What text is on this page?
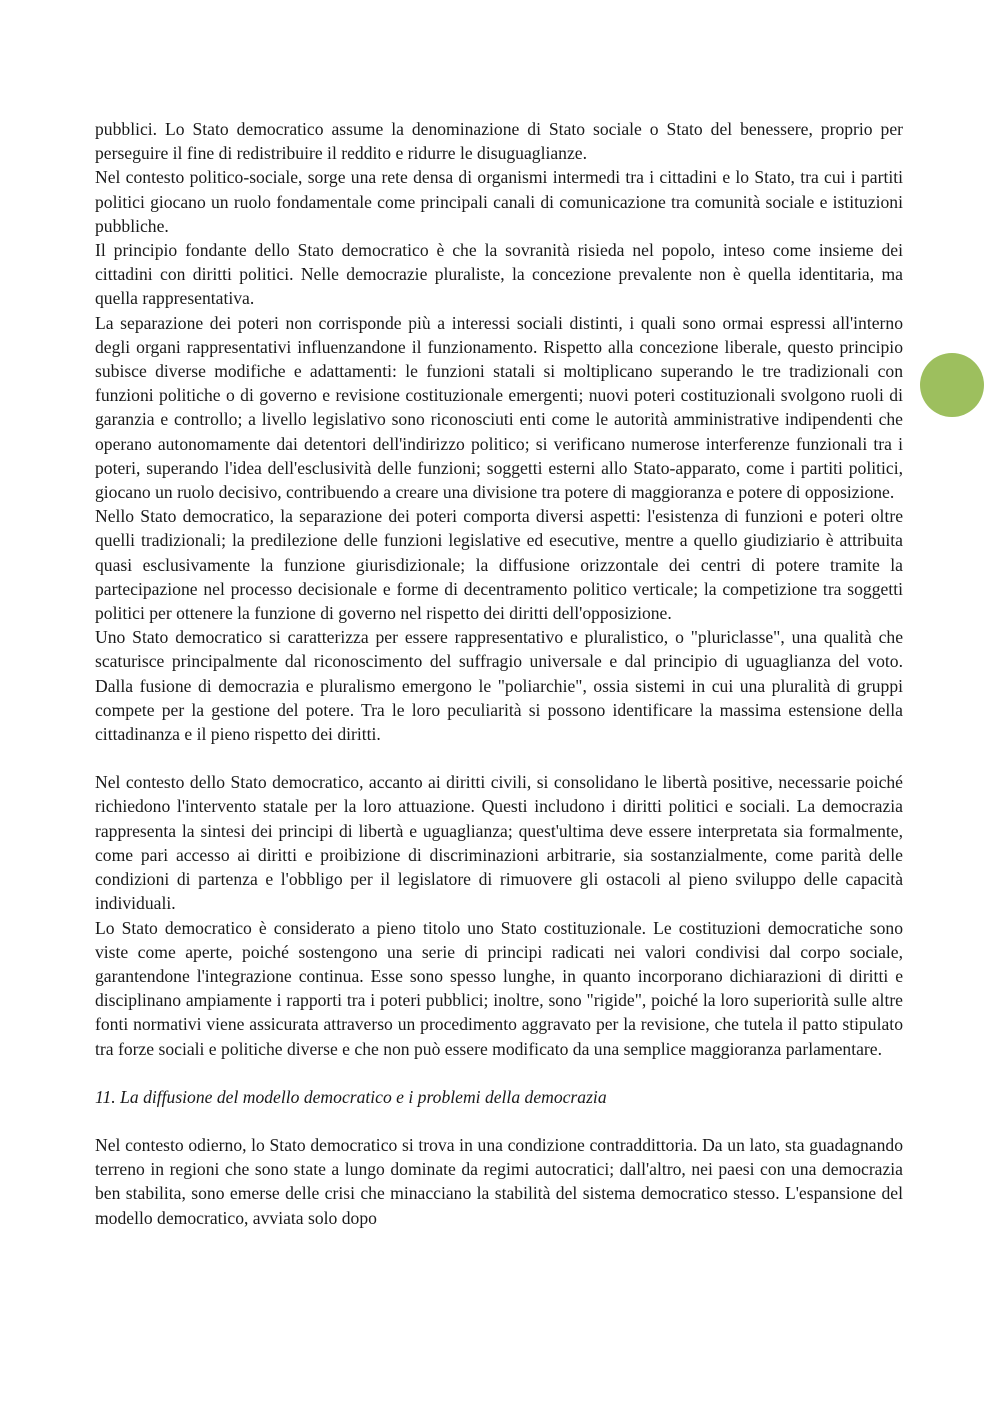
pubblici. Lo Stato democratico assume la denominazione di Stato sociale o Stato del benessere, proprio per perseguire il fine di redistribuire il reddito e ridurre le disuguaglianze.

Nel contesto politico-sociale, sorge una rete densa di organismi intermedi tra i cittadini e lo Stato, tra cui i partiti politici giocano un ruolo fondamentale come principali canali di comunicazione tra comunità sociale e istituzioni pubbliche.

Il principio fondante dello Stato democratico è che la sovranità risieda nel popolo, inteso come insieme dei cittadini con diritti politici. Nelle democrazie pluraliste, la concezione prevalente non è quella identitaria, ma quella rappresentativa.

La separazione dei poteri non corrisponde più a interessi sociali distinti, i quali sono ormai espressi all'interno degli organi rappresentativi influenzandone il funzionamento. Rispetto alla concezione liberale, questo principio subisce diverse modifiche e adattamenti: le funzioni statali si moltiplicano superando le tre tradizionali con funzioni politiche o di governo e revisione costituzionale emergenti; nuovi poteri costituzionali svolgono ruoli di garanzia e controllo; a livello legislativo sono riconosciuti enti come le autorità amministrative indipendenti che operano autonomamente dai detentori dell'indirizzo politico; si verificano numerose interferenze funzionali tra i poteri, superando l'idea dell'esclusività delle funzioni; soggetti esterni allo Stato-apparato, come i partiti politici, giocano un ruolo decisivo, contribuendo a creare una divisione tra potere di maggioranza e potere di opposizione.

Nello Stato democratico, la separazione dei poteri comporta diversi aspetti: l'esistenza di funzioni e poteri oltre quelli tradizionali; la predilezione delle funzioni legislative ed esecutive, mentre a quello giudiziario è attribuita quasi esclusivamente la funzione giurisdizionale; la diffusione orizzontale dei centri di potere tramite la partecipazione nel processo decisionale e forme di decentramento politico verticale; la competizione tra soggetti politici per ottenere la funzione di governo nel rispetto dei diritti dell'opposizione.

Uno Stato democratico si caratterizza per essere rappresentativo e pluralistico, o "pluriclasse", una qualità che scaturisce principalmente dal riconoscimento del suffragio universale e dal principio di uguaglianza del voto. Dalla fusione di democrazia e pluralismo emergono le "poliarchie", ossia sistemi in cui una pluralità di gruppi compete per la gestione del potere. Tra le loro peculiarità si possono identificare la massima estensione della cittadinanza e il pieno rispetto dei diritti.

Nel contesto dello Stato democratico, accanto ai diritti civili, si consolidano le libertà positive, necessarie poiché richiedono l'intervento statale per la loro attuazione. Questi includono i diritti politici e sociali. La democrazia rappresenta la sintesi dei principi di libertà e uguaglianza; quest'ultima deve essere interpretata sia formalmente, come pari accesso ai diritti e proibizione di discriminazioni arbitrarie, sia sostanzialmente, come parità delle condizioni di partenza e l'obbligo per il legislatore di rimuovere gli ostacoli al pieno sviluppo delle capacità individuali.

Lo Stato democratico è considerato a pieno titolo uno Stato costituzionale. Le costituzioni democratiche sono viste come aperte, poiché sostengono una serie di principi radicati nei valori condivisi dal corpo sociale, garantendone l'integrazione continua. Esse sono spesso lunghe, in quanto incorporano dichiarazioni di diritti e disciplinano ampiamente i rapporti tra i poteri pubblici; inoltre, sono "rigide", poiché la loro superiorità sulle altre fonti normativi viene assicurata attraverso un procedimento aggravato per la revisione, che tutela il patto stipulato tra forze sociali e politiche diverse e che non può essere modificato da una semplice maggioranza parlamentare.

11. La diffusione del modello democratico e i problemi della democrazia

Nel contesto odierno, lo Stato democratico si trova in una condizione contraddittoria. Da un lato, sta guadagnando terreno in regioni che sono state a lungo dominate da regimi autocratici; dall'altro, nei paesi con una democrazia ben stabilita, sono emerse delle crisi che minacciano la stabilità del sistema democratico stesso. L'espansione del modello democratico, avviata solo dopo
